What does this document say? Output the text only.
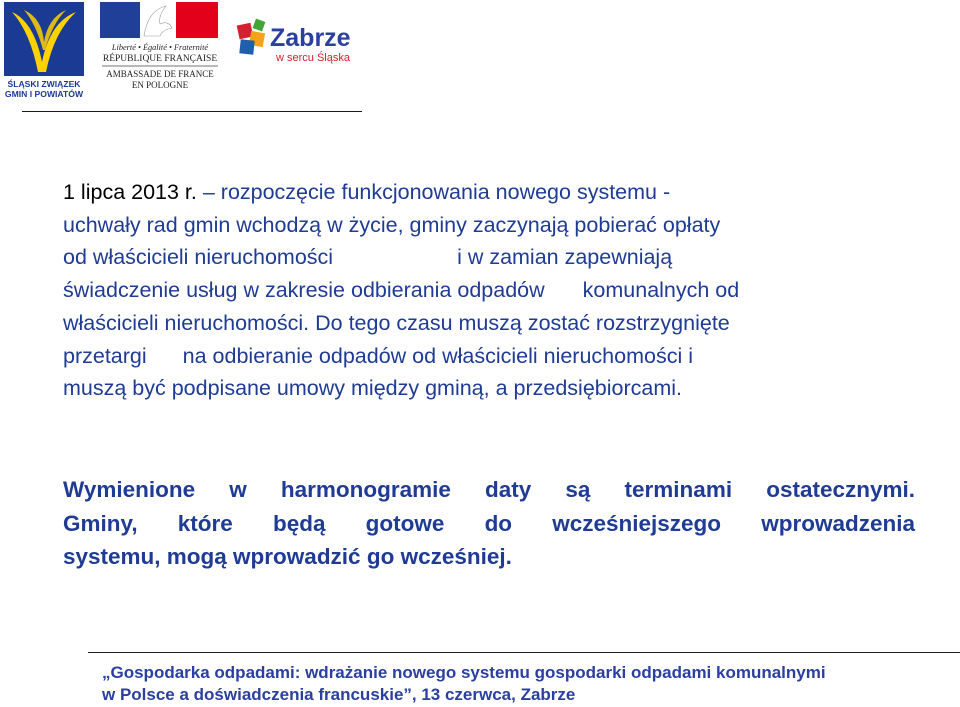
ŚLĄSKI ZWIĄZEK
GMIN I POWIATÓW
Liberté • Égalité • Fraternité
RÉPUBLIQUE FRANÇAISE
AMBASSADE DE FRANCE
EN POLOGNE
Zabrze
w sercu Śląska
1 lipca 2013 r. – rozpoczęcie funkcjonowania nowego systemu -
uchwały rad gmin wchodzą w życie, gminy zaczynają pobierać opłaty
od właścicieli nieruchomości	i w zamian zapewniają
świadczenie usług w zakresie odbierania odpadów komunalnych od
właścicieli nieruchomości. Do tego czasu muszą zostać rozstrzygnięte
przetargi na odbieranie odpadów od właścicieli nieruchomości i
muszą być podpisane umowy między gminą, a przedsiębiorcami.
Wymienione w harmonogramie daty są terminami ostatecznymi.
Gminy, które będą gotowe do wcześniejszego wprowadzenia
systemu, mogą wprowadzić go wcześniej.
„Gospodarka odpadami: wdrażanie nowego systemu gospodarki odpadami komunalnymi
w Polsce a doświadczenia francuskie”, 13 czerwca, Zabrze
